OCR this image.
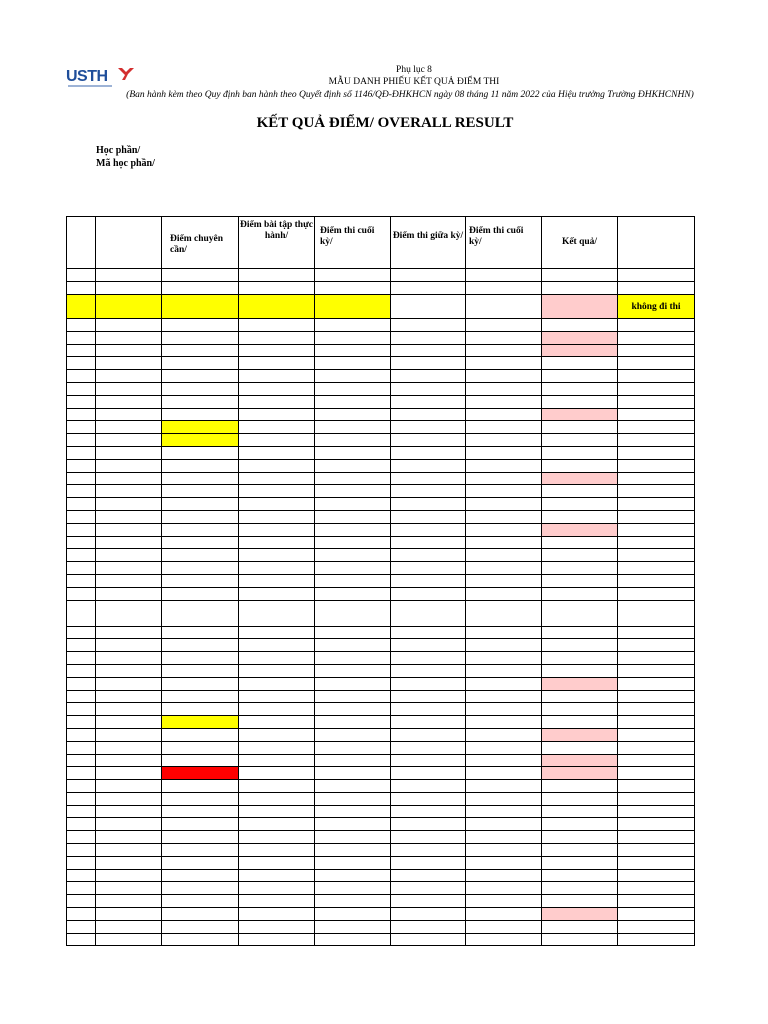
USTH	Phụ lục 8
MẪU DANH PHIẾU KẾT QUẢ ĐIỂM THI
(Ban hành kèm theo Quy định ban hành theo Quyết định số 1146/QĐ-ĐHKHCN ngày 08 tháng 11 năm 2022 của Hiệu trưởng Trường ĐHKHCNHN)
KẾT QUẢ ĐIỂM/ OVERALL RESULT
Học phần/
Mã học phần/
		Điểm chuyên cần/	Điểm bài tập thực hành/	Điểm thi cuối kỳ/	Điểm thi giữa kỳ/	Điểm thi cuối kỳ/	Kết quả/	

								không đi thi
